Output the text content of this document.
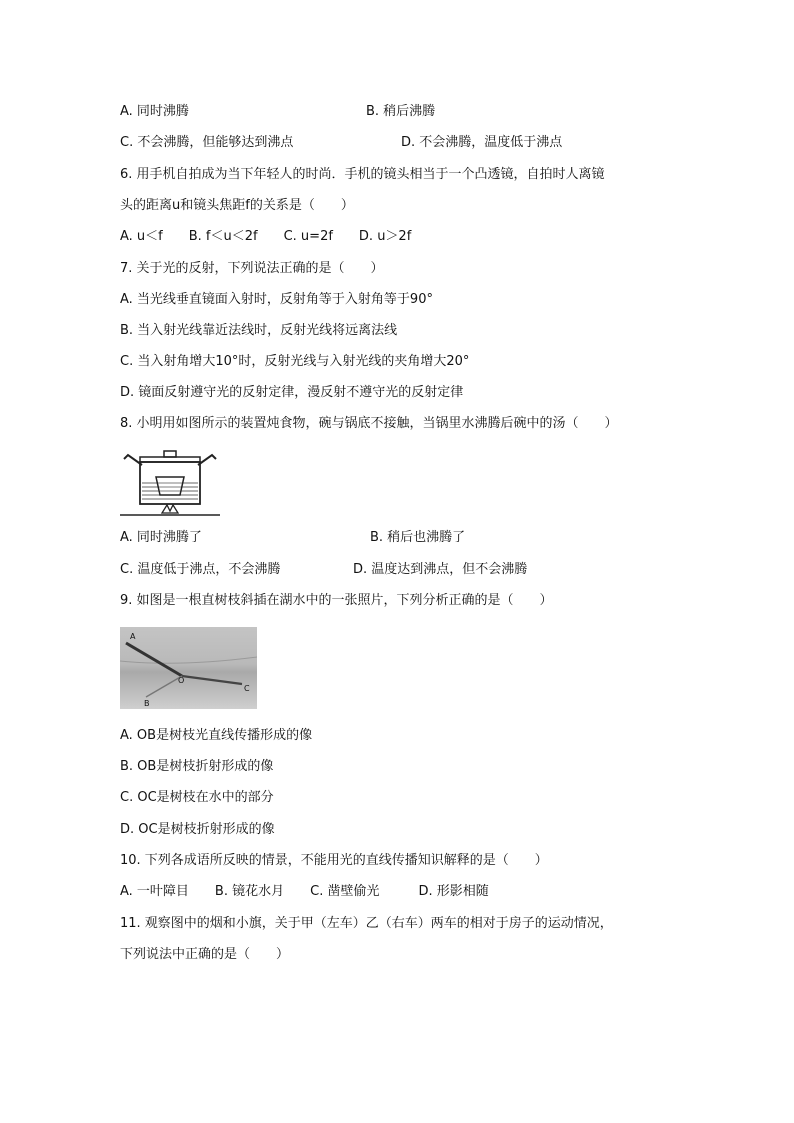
A. 同时沸腾	B. 稍后沸腾
C. 不会沸腾，但能够达到沸点	D. 不会沸腾，温度低于沸点
6. 用手机自拍成为当下年轻人的时尚．手机的镜头相当于一个凸透镜，自拍时人离镜
头的距离u和镜头焦距f的关系是（　　）
A. u＜f　　B. f＜u＜2f　　C. u=2f　　D. u＞2f
7. 关于光的反射，下列说法正确的是（　　）
A. 当光线垂直镜面入射时，反射角等于入射角等于90°
B. 当入射光线靠近法线时，反射光线将远离法线
C. 当入射角增大10°时，反射光线与入射光线的夹角增大20°
D. 镜面反射遵守光的反射定律，漫反射不遵守光的反射定律
8. 小明用如图所示的装置炖食物，碗与锅底不接触，当锅里水沸腾后碗中的汤（　　）
A. 同时沸腾了	B. 稍后也沸腾了
C. 温度低于沸点，不会沸腾	D. 温度达到沸点，但不会沸腾
9. 如图是一根直树枝斜插在湖水中的一张照片，下列分析正确的是（　　）
A
O
B
C
A. OB是树枝光直线传播形成的像
B. OB是树枝折射形成的像
C. OC是树枝在水中的部分
D. OC是树枝折射形成的像
10. 下列各成语所反映的情景，不能用光的直线传播知识解释的是（　　）
A. 一叶障目　　B. 镜花水月　　C. 凿壁偷光　　　D. 形影相随
11. 观察图中的烟和小旗，关于甲（左车）乙（右车）两车的相对于房子的运动情况，
下列说法中正确的是（　　）
